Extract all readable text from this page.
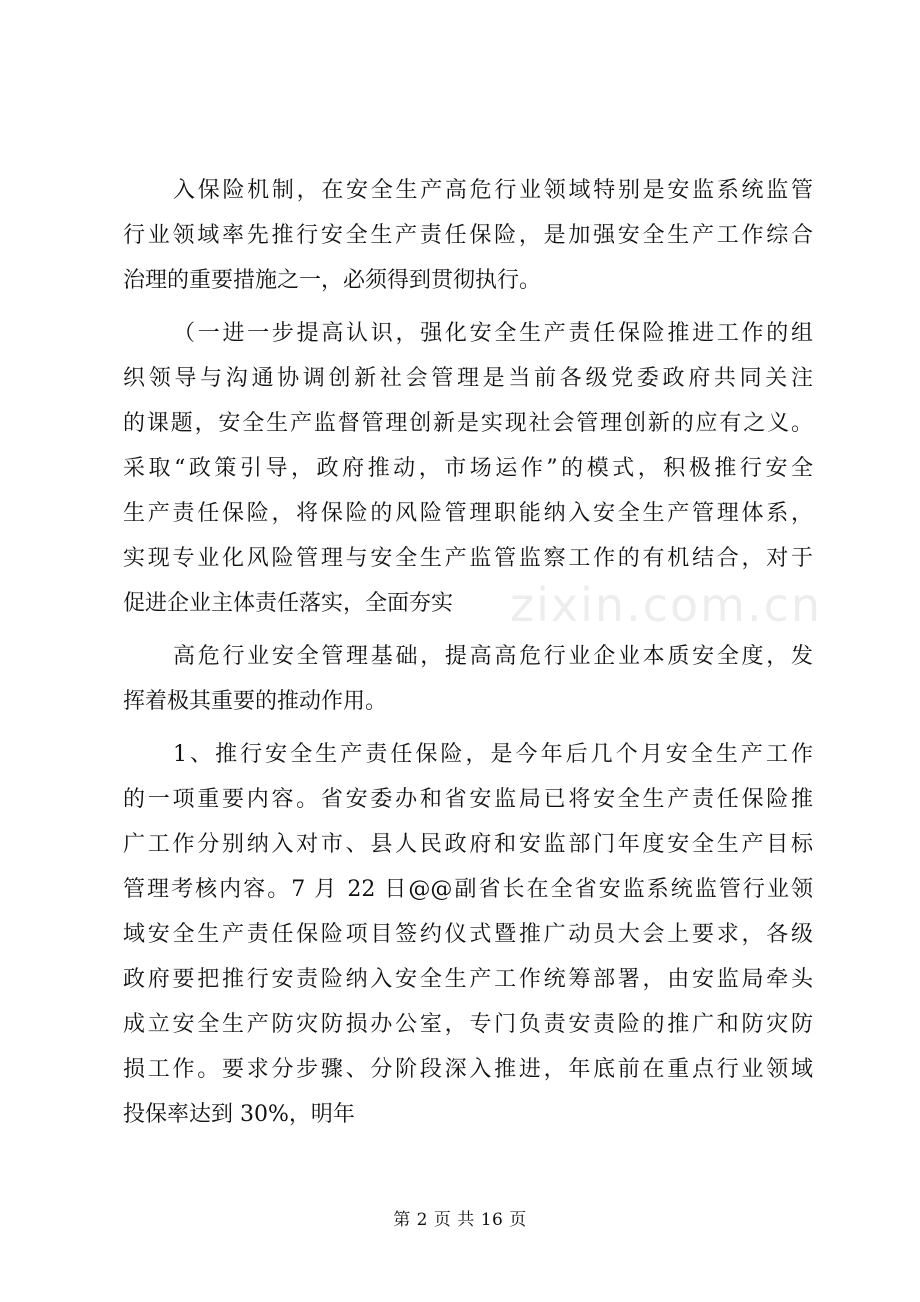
zixin.com.cn

入保险机制，在安全生产高危行业领域特别是安监系统监管
行业领域率先推行安全生产责任保险，是加强安全生产工作综合
治理的重要措施之一，必须得到贯彻执行。

（一进一步提高认识，强化安全生产责任保险推进工作的组
织领导与沟通协调创新社会管理是当前各级党委政府共同关注
的课题，安全生产监督管理创新是实现社会管理创新的应有之义。
采取“政策引导，政府推动，市场运作”的模式，积极推行安全
生产责任保险，将保险的风险管理职能纳入安全生产管理体系，
实现专业化风险管理与安全生产监管监察工作的有机结合，对于
促进企业主体责任落实，全面夯实

高危行业安全管理基础，提高高危行业企业本质安全度，发
挥着极其重要的推动作用。

1、推行安全生产责任保险，是今年后几个月安全生产工作
的一项重要内容。省安委办和省安监局已将安全生产责任保险推
广工作分别纳入对市、县人民政府和安监部门年度安全生产目标
管理考核内容。7 月 22 日@@副省长在全省安监系统监管行业领
域安全生产责任保险项目签约仪式暨推广动员大会上要求，各级
政府要把推行安责险纳入安全生产工作统筹部署，由安监局牵头
成立安全生产防灾防损办公室，专门负责安责险的推广和防灾防
损工作。要求分步骤、分阶段深入推进，年底前在重点行业领域
投保率达到 30%，明年

第 2 页 共 16 页
